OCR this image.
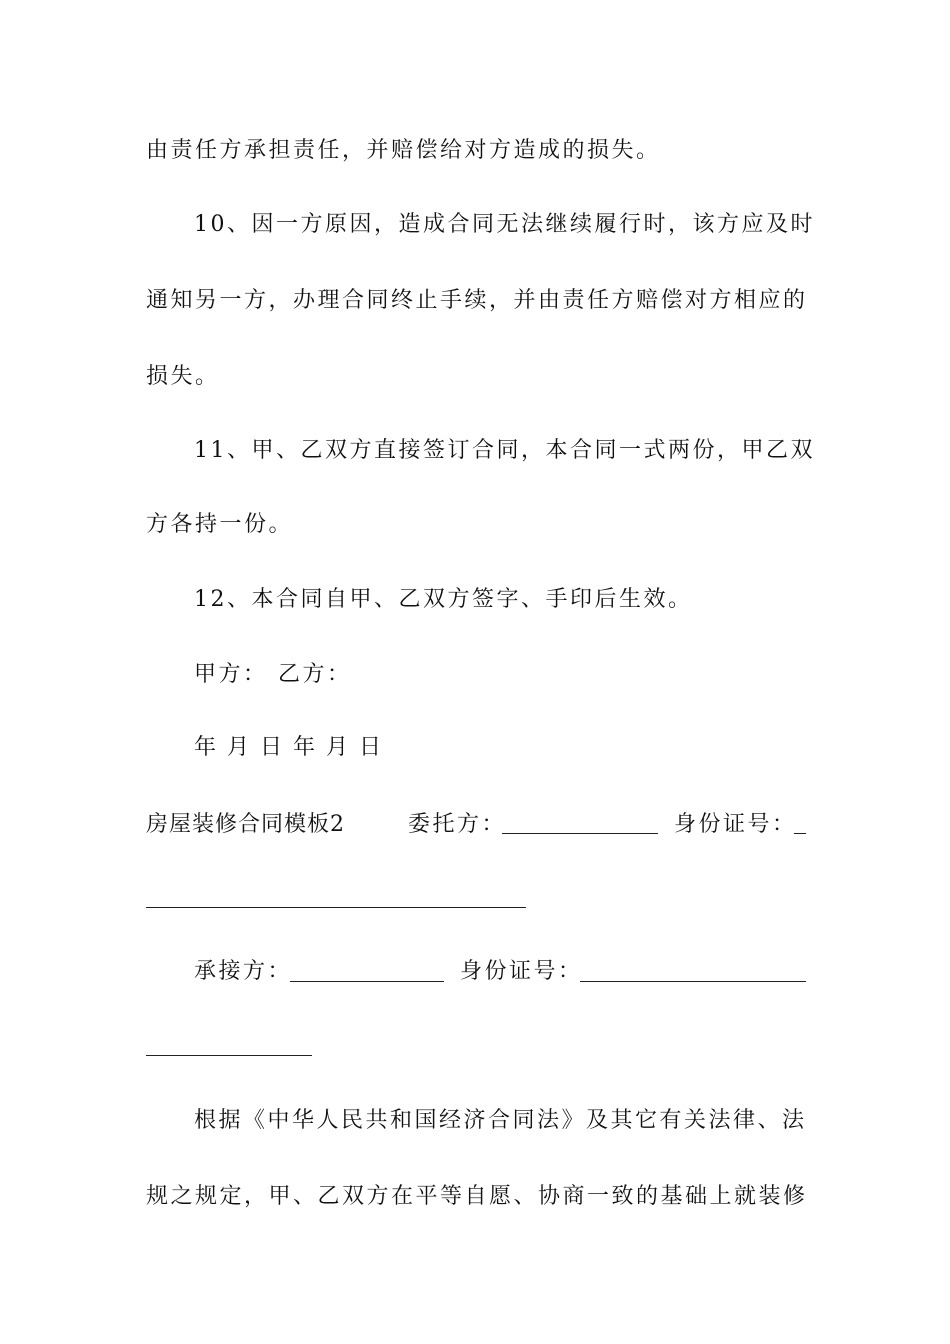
由责任方承担责任，并赔偿给对方造成的损失。
10、因一方原因，造成合同无法继续履行时，该方应及时
通知另一方，办理合同终止手续，并由责任方赔偿对方相应的
损失。
11、甲、乙双方直接签订合同，本合同一式两份，甲乙双
方各持一份。
12、本合同自甲、乙双方签字、手印后生效。
甲方： 乙方：
年 月 日 年 月 日
房屋装修合同模板2	委托方：	身份证号：
承接方：	身份证号：
根据《中华人民共和国经济合同法》及其它有关法律、法
规之规定，甲、乙双方在平等自愿、协商一致的基础上就装修
